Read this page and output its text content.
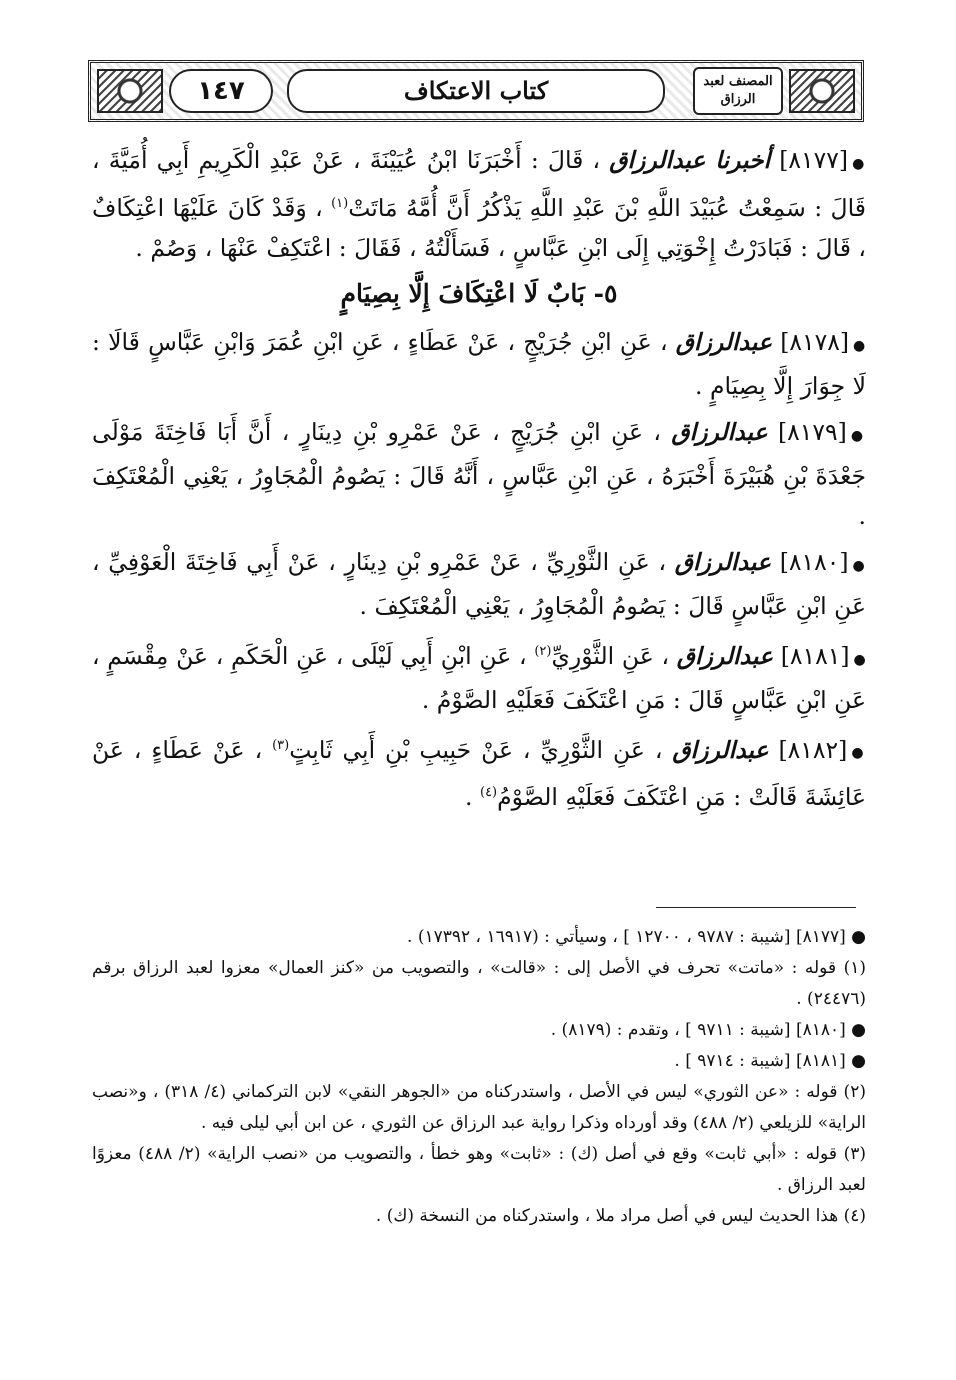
١٤٧	كتاب الاعتكاف	المصنف لعبد الرزاق

●[٨١٧٧] أخبرنا عبدالرزاق ، قَالَ : أَخْبَرَنَا ابْنُ عُيَيْنَةَ ، عَنْ عَبْدِ الْكَرِيمِ أَبِي أُمَيَّةَ ، قَالَ : سَمِعْتُ عُبَيْدَ اللَّهِ بْنَ عَبْدِ اللَّهِ يَذْكُرُ أَنَّ أُمَّهُ مَاتَتْ$^{(١)}$ ، وَقَدْ كَانَ عَلَيْهَا اعْتِكَافٌ ، قَالَ : فَبَادَرْتُ إِخْوَتِي إِلَى ابْنِ عَبَّاسٍ ، فَسَأَلْتُهُ ، فَقَالَ : اعْتَكِفْ عَنْهَا ، وَصُمْ .

٥- بَابٌ لَا اعْتِكَافَ إِلَّا بِصِيَامٍ

●[٨١٧٨] عبدالرزاق ، عَنِ ابْنِ جُرَيْجٍ ، عَنْ عَطَاءٍ ، عَنِ ابْنِ عُمَرَ وَابْنِ عَبَّاسٍ قَالَا : لَا جِوَارَ إِلَّا بِصِيَامٍ .

●[٨١٧٩] عبدالرزاق ، عَنِ ابْنِ جُرَيْجٍ ، عَنْ عَمْرِو بْنِ دِينَارٍ ، أَنَّ أَبَا فَاخِتَةَ مَوْلَى جَعْدَةَ بْنِ هُبَيْرَةَ أَخْبَرَهُ ، عَنِ ابْنِ عَبَّاسٍ ، أَنَّهُ قَالَ : يَصُومُ الْمُجَاوِرُ ، يَعْنِي الْمُعْتَكِفَ .

●[٨١٨٠] عبدالرزاق ، عَنِ الثَّوْرِيِّ ، عَنْ عَمْرِو بْنِ دِينَارٍ ، عَنْ أَبِي فَاخِتَةَ الْعَوْفِيِّ ، عَنِ ابْنِ عَبَّاسٍ قَالَ : يَصُومُ الْمُجَاوِرُ ، يَعْنِي الْمُعْتَكِفَ .

●[٨١٨١] عبدالرزاق ، عَنِ الثَّوْرِيِّ$^{(٢)}$ ، عَنِ ابْنِ أَبِي لَيْلَى ، عَنِ الْحَكَمِ ، عَنْ مِقْسَمٍ ، عَنِ ابْنِ عَبَّاسٍ قَالَ : مَنِ اعْتَكَفَ فَعَلَيْهِ الصَّوْمُ .

●[٨١٨٢] عبدالرزاق ، عَنِ الثَّوْرِيِّ ، عَنْ حَبِيبِ بْنِ أَبِي ثَابِتٍ$^{(٣)}$ ، عَنْ عَطَاءٍ ، عَنْ عَائِشَةَ قَالَتْ : مَنِ اعْتَكَفَ فَعَلَيْهِ الصَّوْمُ$^{(٤)}$ .

● [٨١٧٧] [شيبة : ٩٧٨٧ ، ١٢٧٠٠ ] ، وسيأتي : (١٦٩١٧ ، ١٧٣٩٢) .

(١) قوله : «ماتت» تحرف في الأصل إلى : «قالت» ، والتصويب من «كنز العمال» معزوا لعبد الرزاق برقم (٢٤٤٧٦) .

● [٨١٨٠] [شيبة : ٩٧١١ ] ، وتقدم : (٨١٧٩) .

● [٨١٨١] [شيبة : ٩٧١٤ ] .

(٢) قوله : «عن الثوري» ليس في الأصل ، واستدركناه من «الجوهر النقي» لابن التركماني (٤/ ٣١٨) ، و«نصب الراية» للزيلعي (٢/ ٤٨٨) وقد أورداه وذكرا رواية عبد الرزاق عن الثوري ، عن ابن أبي ليلى فيه .

(٣) قوله : «أبي ثابت» وقع في أصل (ك) : «ثابت» وهو خطأ ، والتصويب من «نصب الراية» (٢/ ٤٨٨) معزوًا لعبد الرزاق .

(٤) هذا الحديث ليس في أصل مراد ملا ، واستدركناه من النسخة (ك) .
